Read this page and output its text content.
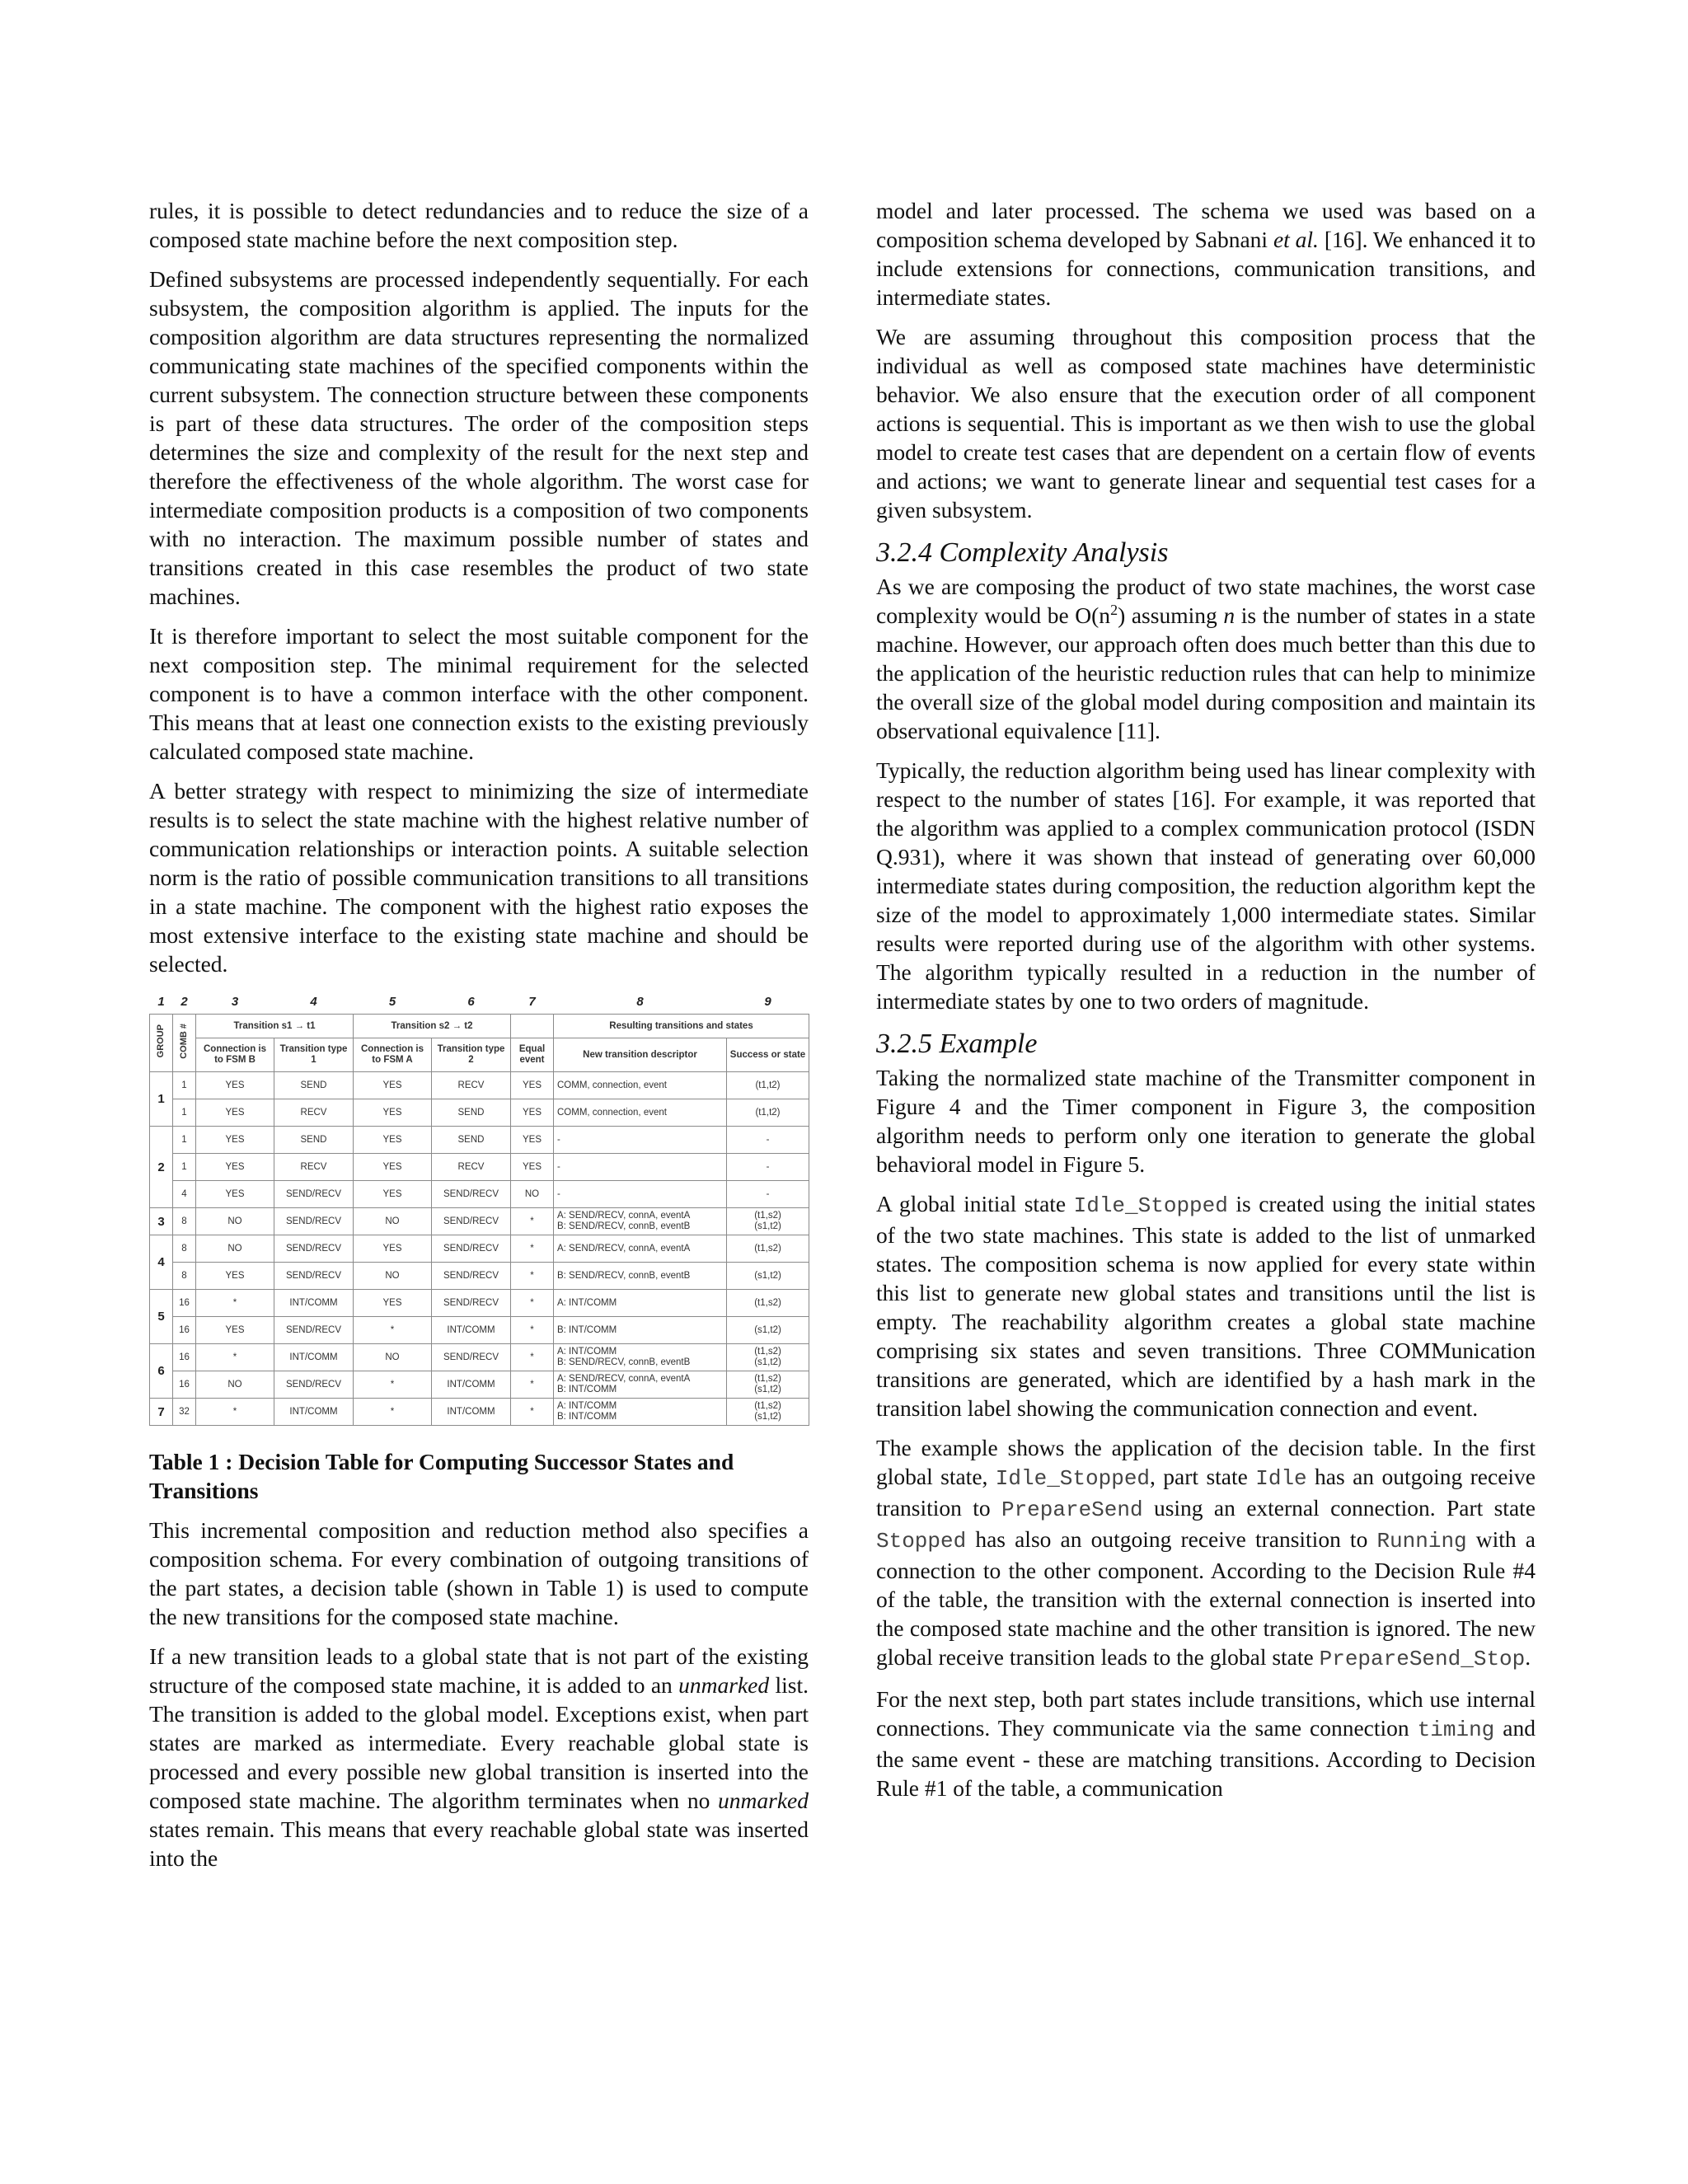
rules, it is possible to detect redundancies and to reduce the size of a composed state machine before the next composition step.

Defined subsystems are processed independently sequentially. For each subsystem, the composition algorithm is applied. The inputs for the composition algorithm are data structures representing the normalized communicating state machines of the specified components within the current subsystem. The connection structure between these components is part of these data structures. The order of the composition steps determines the size and complexity of the result for the next step and therefore the effectiveness of the whole algorithm. The worst case for intermediate composition products is a composition of two components with no interaction. The maximum possible number of states and transitions created in this case resembles the product of two state machines.

It is therefore important to select the most suitable component for the next composition step. The minimal requirement for the selected component is to have a common interface with the other component. This means that at least one connection exists to the existing previously calculated composed state machine.

A better strategy with respect to minimizing the size of intermediate results is to select the state machine with the highest relative number of communication relationships or interaction points. A suitable selection norm is the ratio of possible communication transitions to all transitions in a state machine. The component with the highest ratio exposes the most extensive interface to the existing state machine and should be selected.

1	2	3	4	5	6	7	8	9
GROUP	COMB #	Transition s1 → t1		Transition s2 → t2			Resulting transitions and states	
		Connection is to FSM B	Transition type 1	Connection is to FSM A	Transition type 2	Equal event	New transition descriptor	Success or state
1	1	YES	SEND	YES	RECV	YES	COMM, connection, event	(t1,t2)
	1	YES	RECV	YES	SEND	YES	COMM, connection, event	(t1,t2)
2	1	YES	SEND	YES	SEND	YES	-	-
	1	YES	RECV	YES	RECV	YES	-	-
	4	YES	SEND/RECV	YES	SEND/RECV	NO	-	-
3	8	NO	SEND/RECV	NO	SEND/RECV	*	A: SEND/RECV, connA, eventA
B: SEND/RECV, connB, eventB	(t1,s2)
(s1,t2)
4	8	NO	SEND/RECV	YES	SEND/RECV	*	A: SEND/RECV, connA, eventA	(t1,s2)
	8	YES	SEND/RECV	NO	SEND/RECV	*	B: SEND/RECV, connB, eventB	(s1,t2)
5	16	*	INT/COMM	YES	SEND/RECV	*	A: INT/COMM	(t1,s2)
	16	YES	SEND/RECV	*	INT/COMM	*	B: INT/COMM	(s1,t2)
6	16	*	INT/COMM	NO	SEND/RECV	*	A: INT/COMM
B: SEND/RECV, connB, eventB	(t1,s2)
(s1,t2)
	16	NO	SEND/RECV	*	INT/COMM	*	A: SEND/RECV, connA, eventA
B: INT/COMM	(t1,s2)
(s1,t2)
7	32	*	INT/COMM	*	INT/COMM	*	A: INT/COMM
B: INT/COMM	(t1,s2)
(s1,t2)

Table 1 : Decision Table for Computing Successor States and Transitions

This incremental composition and reduction method also specifies a composition schema. For every combination of outgoing transitions of the part states, a decision table (shown in Table 1) is used to compute the new transitions for the composed state machine.

If a new transition leads to a global state that is not part of the existing structure of the composed state machine, it is added to an unmarked list. The transition is added to the global model. Exceptions exist, when part states are marked as intermediate. Every reachable global state is processed and every possible new global transition is inserted into the composed state machine. The algorithm terminates when no unmarked states remain. This means that every reachable global state was inserted into the

model and later processed. The schema we used was based on a composition schema developed by Sabnani et al. [16]. We enhanced it to include extensions for connections, communication transitions, and intermediate states.

We are assuming throughout this composition process that the individual as well as composed state machines have deterministic behavior. We also ensure that the execution order of all component actions is sequential. This is important as we then wish to use the global model to create test cases that are dependent on a certain flow of events and actions; we want to generate linear and sequential test cases for a given subsystem.

3.2.4 Complexity Analysis

As we are composing the product of two state machines, the worst case complexity would be $O(n^2)$ assuming n is the number of states in a state machine. However, our approach often does much better than this due to the application of the heuristic reduction rules that can help to minimize the overall size of the global model during composition and maintain its observational equivalence [11].

Typically, the reduction algorithm being used has linear complexity with respect to the number of states [16]. For example, it was reported that the algorithm was applied to a complex communication protocol (ISDN Q.931), where it was shown that instead of generating over 60,000 intermediate states during composition, the reduction algorithm kept the size of the model to approximately 1,000 intermediate states. Similar results were reported during use of the algorithm with other systems. The algorithm typically resulted in a reduction in the number of intermediate states by one to two orders of magnitude.

3.2.5 Example

Taking the normalized state machine of the Transmitter component in Figure 4 and the Timer component in Figure 3, the composition algorithm needs to perform only one iteration to generate the global behavioral model in Figure 5.

A global initial state Idle_Stopped is created using the initial states of the two state machines. This state is added to the list of unmarked states. The composition schema is now applied for every state within this list to generate new global states and transitions until the list is empty. The reachability algorithm creates a global state machine comprising six states and seven transitions. Three COMMunication transitions are generated, which are identified by a hash mark in the transition label showing the communication connection and event.

The example shows the application of the decision table. In the first global state, Idle_Stopped, part state Idle has an outgoing receive transition to PrepareSend using an external connection. Part state Stopped has also an outgoing receive transition to Running with a connection to the other component. According to the Decision Rule #4 of the table, the transition with the external connection is inserted into the composed state machine and the other transition is ignored. The new global receive transition leads to the global state PrepareSend_Stop.

For the next step, both part states include transitions, which use internal connections. They communicate via the same connection timing and the same event - these are matching transitions. According to Decision Rule #1 of the table, a communication
